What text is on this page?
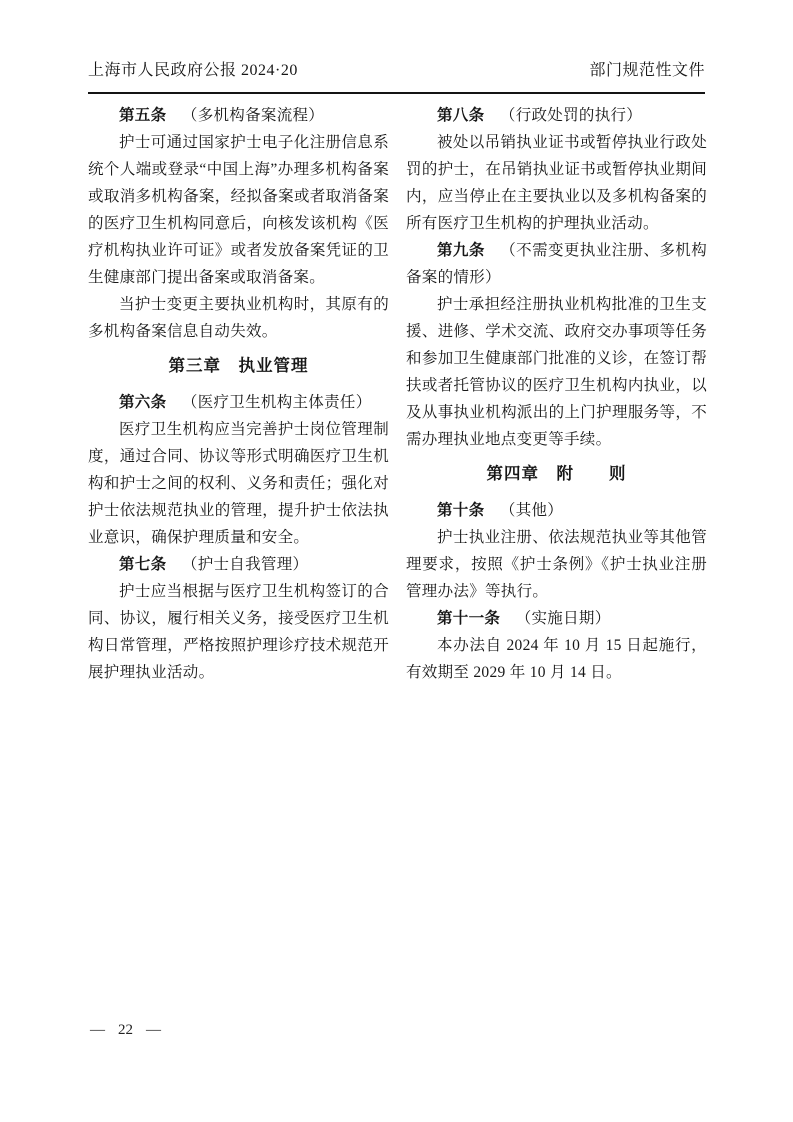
上海市人民政府公报 2024·20	部门规范性文件

第五条 （多机构备案流程）

护士可通过国家护士电子化注册信息系统个人端或登录“中国上海”办理多机构备案或取消多机构备案，经拟备案或者取消备案的医疗卫生机构同意后，向核发该机构《医疗机构执业许可证》或者发放备案凭证的卫生健康部门提出备案或取消备案。

当护士变更主要执业机构时，其原有的多机构备案信息自动失效。

第三章　执业管理

第六条 （医疗卫生机构主体责任）

医疗卫生机构应当完善护士岗位管理制度，通过合同、协议等形式明确医疗卫生机构和护士之间的权利、义务和责任；强化对护士依法规范执业的管理，提升护士依法执业意识，确保护理质量和安全。

第七条 （护士自我管理）

护士应当根据与医疗卫生机构签订的合同、协议，履行相关义务，接受医疗卫生机构日常管理，严格按照护理诊疗技术规范开展护理执业活动。

第八条 （行政处罚的执行）

被处以吊销执业证书或暂停执业行政处罚的护士，在吊销执业证书或暂停执业期间内，应当停止在主要执业以及多机构备案的所有医疗卫生机构的护理执业活动。

第九条 （不需变更执业注册、多机构备案的情形）

护士承担经注册执业机构批准的卫生支援、进修、学术交流、政府交办事项等任务和参加卫生健康部门批准的义诊，在签订帮扶或者托管协议的医疗卫生机构内执业，以及从事执业机构派出的上门护理服务等，不需办理执业地点变更等手续。

第四章　附　　则

第十条 （其他）

护士执业注册、依法规范执业等其他管理要求，按照《护士条例》《护士执业注册管理办法》等执行。

第十一条 （实施日期）

本办法自 2024 年 10 月 15 日起施行，有效期至 2029 年 10 月 14 日。

— 22 —
